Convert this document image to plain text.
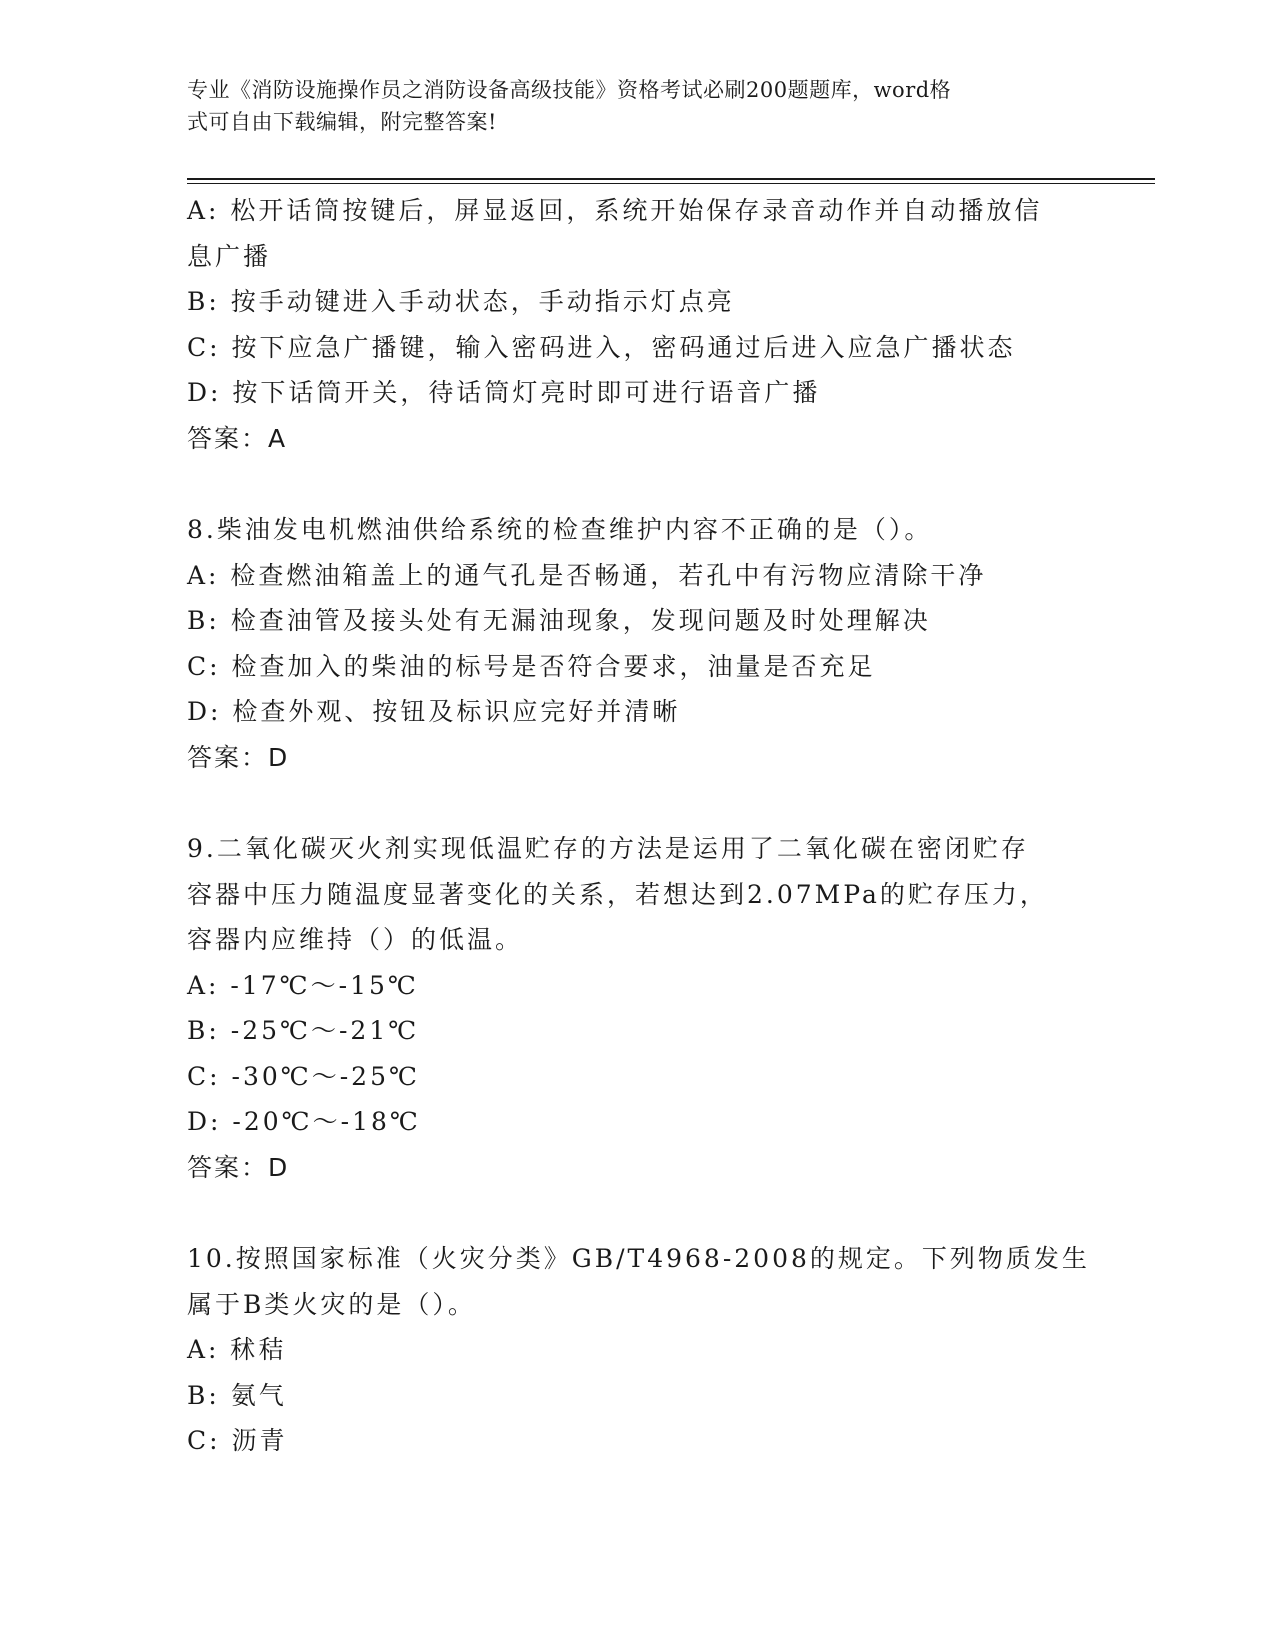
专业《消防设施操作员之消防设备高级技能》资格考试必刷200题题库，word格
式可自由下载编辑，附完整答案!
A: 松开话筒按键后，屏显返回，系统开始保存录音动作并自动播放信
息广播
B: 按手动键进入手动状态，手动指示灯点亮
C: 按下应急广播键，输入密码进入，密码通过后进入应急广播状态
D: 按下话筒开关，待话筒灯亮时即可进行语音广播
答案：A
8.柴油发电机燃油供给系统的检查维护内容不正确的是（）。
A: 检查燃油箱盖上的通气孔是否畅通，若孔中有污物应清除干净
B: 检查油管及接头处有无漏油现象，发现问题及时处理解决
C: 检查加入的柴油的标号是否符合要求，油量是否充足
D: 检查外观、按钮及标识应完好并清晰
答案：D
9.二氧化碳灭火剂实现低温贮存的方法是运用了二氧化碳在密闭贮存
容器中压力随温度显著变化的关系，若想达到2.07MPa的贮存压力，
容器内应维持（）的低温。
A: -17℃～-15℃
B: -25℃～-21℃
C: -30℃～-25℃
D: -20℃～-18℃
答案：D
10.按照国家标准（火灾分类》GB/T4968-2008的规定。下列物质发生
属于B类火灾的是（）。
A: 秫秸
B: 氨气
C: 沥青
